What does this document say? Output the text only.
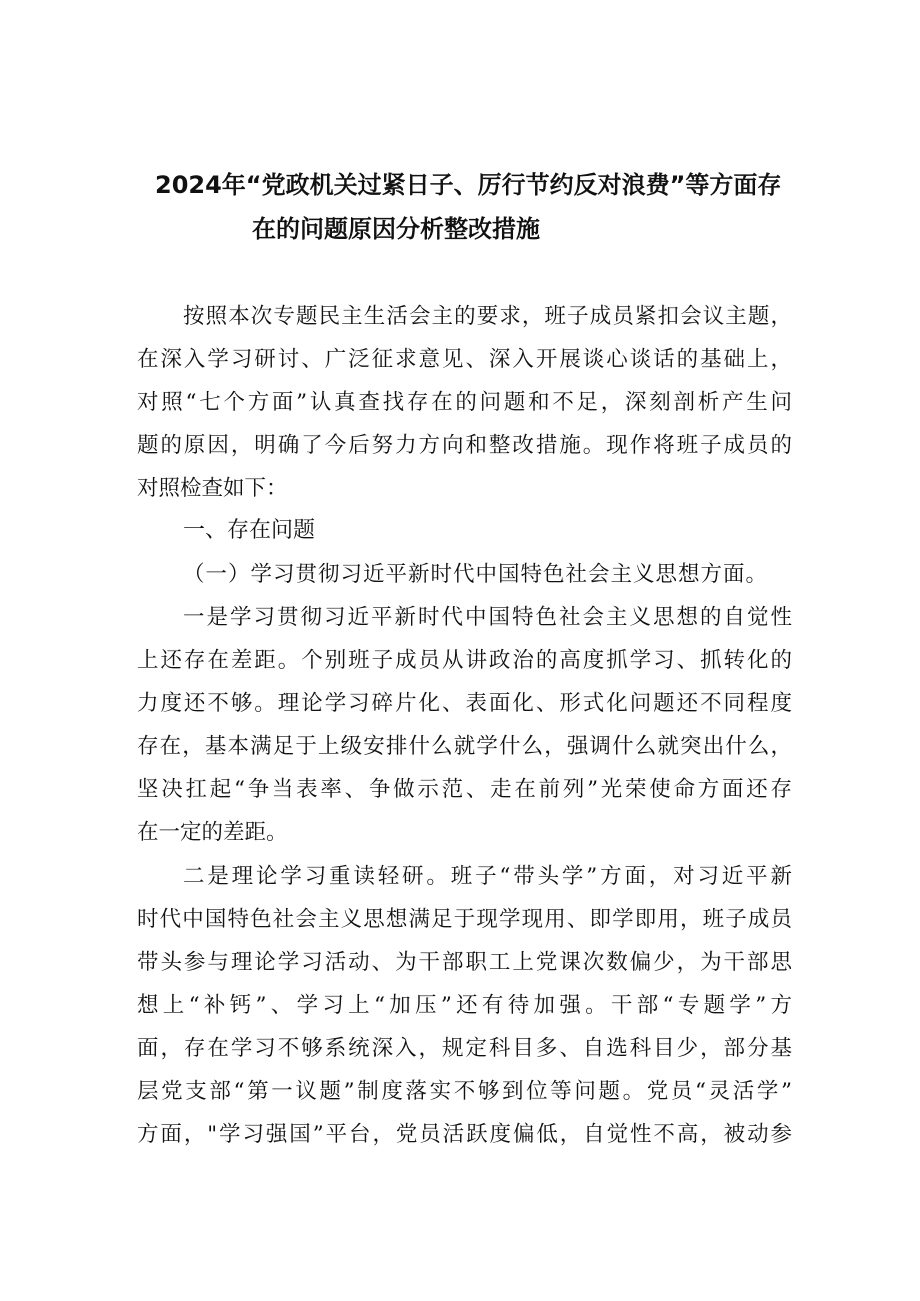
2024年“党政机关过紧日子、厉行节约反对浪费”等方面存
在的问题原因分析整改措施
按照本次专题民主生活会主的要求，班子成员紧扣会议主题，
在深入学习研讨、广泛征求意见、深入开展谈心谈话的基础上，
对照“七个方面”认真查找存在的问题和不足，深刻剖析产生问
题的原因，明确了今后努力方向和整改措施。现作将班子成员的
对照检查如下：
一、存在问题
（一）学习贯彻习近平新时代中国特色社会主义思想方面。
一是学习贯彻习近平新时代中国特色社会主义思想的自觉性
上还存在差距。个别班子成员从讲政治的高度抓学习、抓转化的
力度还不够。理论学习碎片化、表面化、形式化问题还不同程度
存在，基本满足于上级安排什么就学什么，强调什么就突出什么，
坚决扛起“争当表率、争做示范、走在前列”光荣使命方面还存
在一定的差距。
二是理论学习重读轻研。班子“带头学”方面，对习近平新
时代中国特色社会主义思想满足于现学现用、即学即用，班子成员
带头参与理论学习活动、为干部职工上党课次数偏少，为干部思
想上“补钙”、学习上“加压”还有待加强。干部“专题学”方
面，存在学习不够系统深入，规定科目多、自选科目少，部分基
层党支部“第一议题”制度落实不够到位等问题。党员“灵活学”
方面，"学习强国”平台，党员活跃度偏低，自觉性不高，被动参
